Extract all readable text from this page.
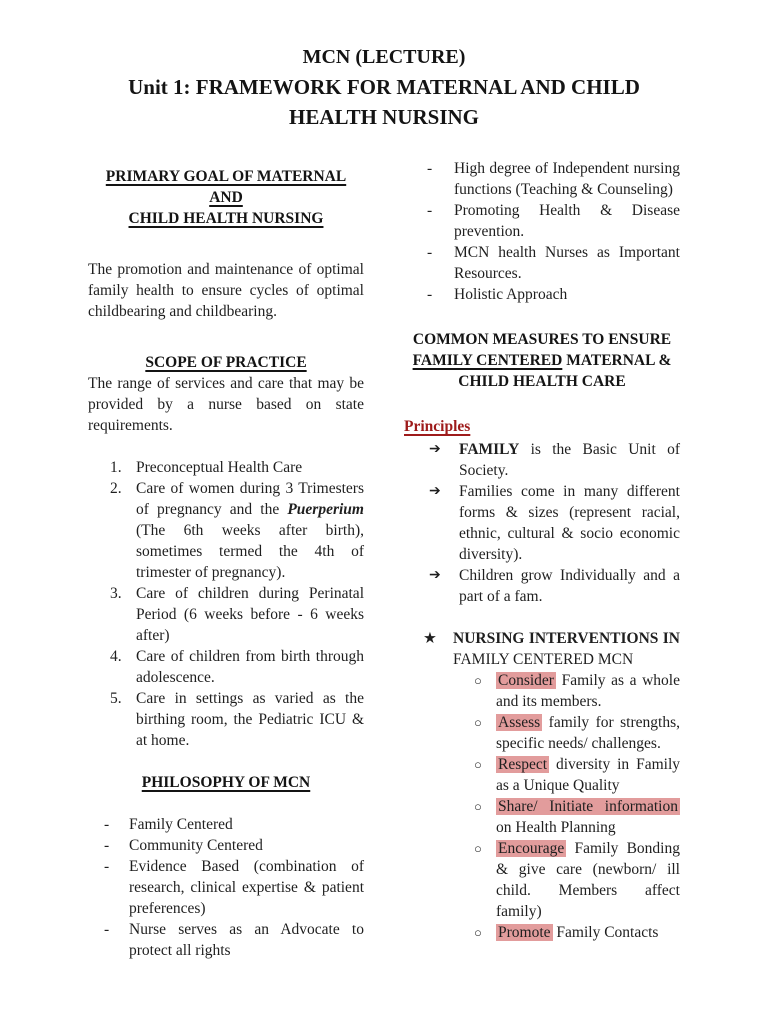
MCN (LECTURE)
Unit 1: FRAMEWORK FOR MATERNAL AND CHILD HEALTH NURSING
PRIMARY GOAL OF MATERNAL AND
CHILD HEALTH NURSING
The promotion and maintenance of optimal family health to ensure cycles of optimal childbearing and childbearing.
SCOPE OF PRACTICE
The range of services and care that may be provided by a nurse based on state requirements.
1. Preconceptual Health Care
2. Care of women during 3 Trimesters of pregnancy and the Puerperium (The 6th weeks after birth), sometimes termed the 4th of trimester of pregnancy).
3. Care of children during Perinatal Period (6 weeks before - 6 weeks after)
4. Care of children from birth through adolescence.
5. Care in settings as varied as the birthing room, the Pediatric ICU & at home.
PHILOSOPHY OF MCN
-	Family Centered
-	Community Centered
-	Evidence Based (combination of research, clinical expertise & patient preferences)
-	Nurse serves as an Advocate to protect all rights
-	High degree of Independent nursing functions (Teaching & Counseling)
-	Promoting Health & Disease prevention.
-	MCN health Nurses as Important Resources.
-	Holistic Approach
COMMON MEASURES TO ENSURE
FAMILY CENTERED MATERNAL &
CHILD HEALTH CARE
Principles
➔	FAMILY is the Basic Unit of Society.
➔	Families come in many different forms & sizes (represent racial, ethnic, cultural & socio economic diversity).
➔	Children grow Individually and a part of a fam.
★	NURSING INTERVENTIONS IN FAMILY CENTERED MCN
○	Consider Family as a whole and its members.
○	Assess family for strengths, specific needs/ challenges.
○	Respect diversity in Family as a Unique Quality
○	Share/ Initiate information on Health Planning
○	Encourage Family Bonding & give care (newborn/ ill child. Members affect family)
○	Promote Family Contacts
